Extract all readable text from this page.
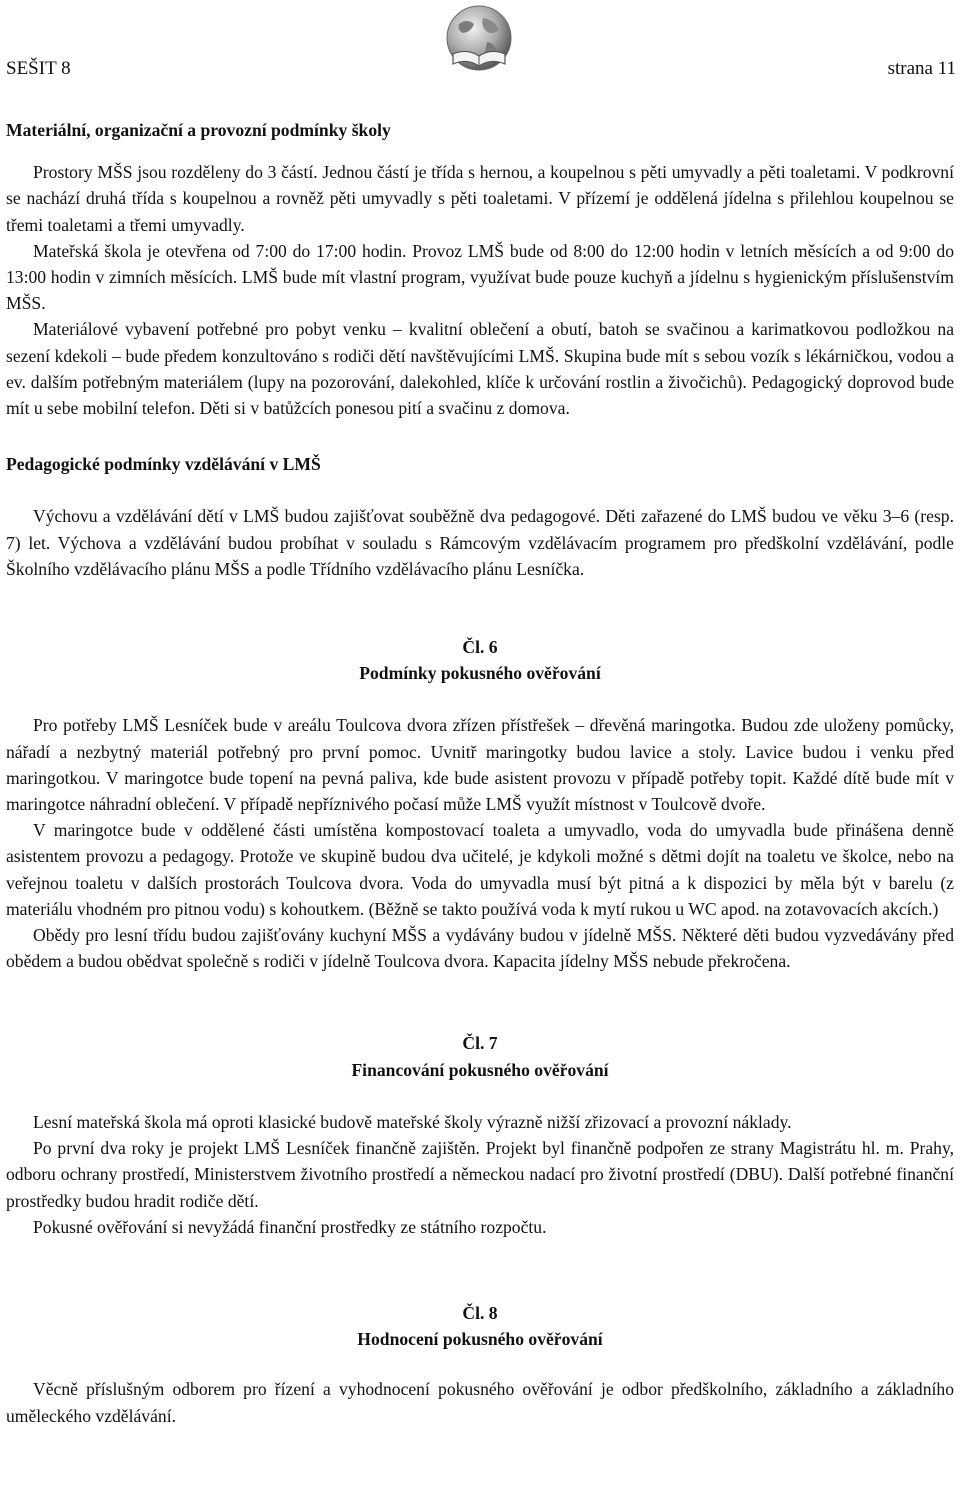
SEŠIT 8	strana 11
Materiální, organizační a provozní podmínky školy

Prostory MŠS jsou rozděleny do 3 částí. Jednou částí je třída s hernou, a koupelnou s pěti umyvadly a pěti toaletami. V podkrovní se nachází druhá třída s koupelnou a rovněž pěti umyvadly s pěti toaletami. V přízemí je oddělená jídelna s přilehlou koupelnou se třemi toaletami a třemi umyvadly.

Mateřská škola je otevřena od 7:00 do 17:00 hodin. Provoz LMŠ bude od 8:00 do 12:00 hodin v letních měsících a od 9:00 do 13:00 hodin v zimních měsících. LMŠ bude mít vlastní program, využívat bude pouze kuchyň a jídelnu s hygienickým příslušenstvím MŠS.

Materiálové vybavení potřebné pro pobyt venku – kvalitní oblečení a obutí, batoh se svačinou a karimatkovou podložkou na sezení kdekoli – bude předem konzultováno s rodiči dětí navštěvujícími LMŠ. Skupina bude mít s sebou vozík s lékárničkou, vodou a ev. dalším potřebným materiálem (lupy na pozorování, dalekohled, klíče k určování rostlin a živočichů). Pedagogický doprovod bude mít u sebe mobilní telefon. Děti si v batůžcích ponesou pití a svačinu z domova.

Pedagogické podmínky vzdělávání v LMŠ

Výchovu a vzdělávání dětí v LMŠ budou zajišťovat souběžně dva pedagogové. Děti zařazené do LMŠ budou ve věku 3–6 (resp. 7) let. Výchova a vzdělávání budou probíhat v souladu s Rámcovým vzdělávacím programem pro předškolní vzdělávání, podle Školního vzdělávacího plánu MŠS a podle Třídního vzdělávacího plánu Lesníčka.

Čl. 6
Podmínky pokusného ověřování

Pro potřeby LMŠ Lesníček bude v areálu Toulcova dvora zřízen přístřešek – dřevěná maringotka. Budou zde uloženy pomůcky, nářadí a nezbytný materiál potřebný pro první pomoc. Uvnitř maringotky budou lavice a stoly. Lavice budou i venku před maringotkou. V maringotce bude topení na pevná paliva, kde bude asistent provozu v případě potřeby topit. Každé dítě bude mít v maringotce náhradní oblečení. V případě nepříznivého počasí může LMŠ využít místnost v Toulcově dvoře.

V maringotce bude v oddělené části umístěna kompostovací toaleta a umyvadlo, voda do umyvadla bude přinášena denně asistentem provozu a pedagogy. Protože ve skupině budou dva učitelé, je kdykoli možné s dětmi dojít na toaletu ve školce, nebo na veřejnou toaletu v dalších prostorách Toulcova dvora. Voda do umyvadla musí být pitná a k dispozici by měla být v barelu (z materiálu vhodném pro pitnou vodu) s kohoutkem. (Běžně se takto používá voda k mytí rukou u WC apod. na zotavovacích akcích.)

Obědy pro lesní třídu budou zajišťovány kuchyní MŠS a vydávány budou v jídelně MŠS. Některé děti budou vyzvedávány před obědem a budou obědvat společně s rodiči v jídelně Toulcova dvora. Kapacita jídelny MŠS nebude překročena.

Čl. 7
Financování pokusného ověřování

Lesní mateřská škola má oproti klasické budově mateřské školy výrazně nižší zřizovací a provozní náklady.

Po první dva roky je projekt LMŠ Lesníček finančně zajištěn. Projekt byl finančně podpořen ze strany Magistrátu hl. m. Prahy, odboru ochrany prostředí, Ministerstvem životního prostředí a německou nadací pro životní prostředí (DBU). Další potřebné finanční prostředky budou hradit rodiče dětí.

Pokusné ověřování si nevyžádá finanční prostředky ze státního rozpočtu.

Čl. 8
Hodnocení pokusného ověřování

Věcně příslušným odborem pro řízení a vyhodnocení pokusného ověřování je odbor předškolního, základního a základního uměleckého vzdělávání.
